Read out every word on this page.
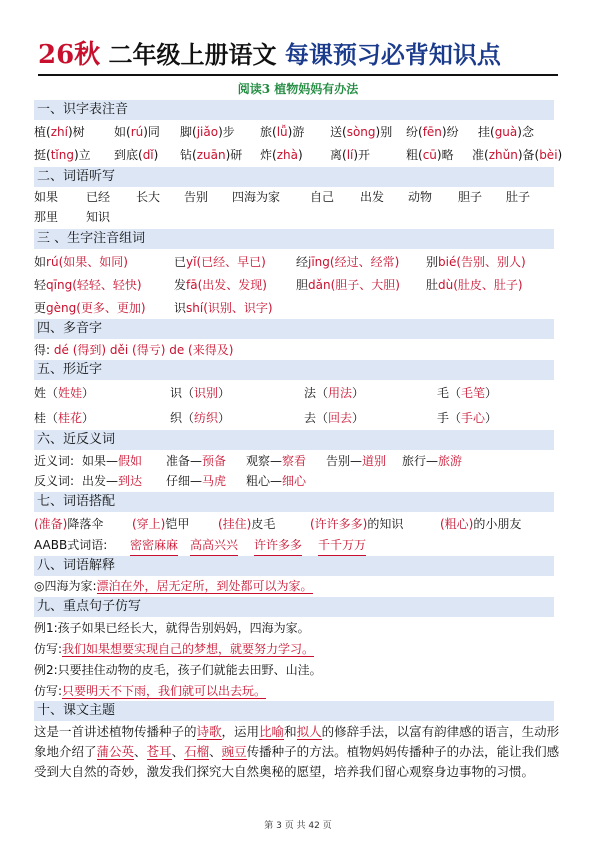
26秋 二年级上册语文 每课预习必背知识点
阅读3 植物妈妈有办法
一、识字表注音
植(zhí)树 如(rú)同 脚(jiǎo)步 旅(lǚ)游 送(sòng)别 纷(fēn)纷 挂(guà)念
挺(tǐng)立 到底(dǐ) 钻(zuān)研 炸(zhà) 离(lí)开	粗(cū)略 准(zhǔn)备(bèi)
二、词语听写
如果 已经 长大 告别 四海为家 自己 出发 动物 胆子 肚子
那里 知识
三 、生字注音组词
如rú(如果、如同)	已yǐ(已经、早已)	经jīng(经过、经常) 别bié(告别、别人)
轻qīng(轻轻、轻快)	发fā(出发、发现) 胆dǎn(胆子、大胆) 肚dù(肚皮、肚子)
更gèng(更多、更加) 识shí(识别、识字)
四、多音字
得: dé (得到) děi (得亏) de (来得及)
五、形近字
姓（姓娃）	识（识别）	法（用法）	毛（毛笔）
桂（桂花）	织（纺织）	去（回去）	手（手心）
六、近反义词
近义词: 如果—假如 准备—预备 观察—察看 告别—道别 旅行—旅游
反义词: 出发—到达 仔细—马虎 粗心—细心
七、词语搭配
(准备)降落伞 (穿上)铠甲 (挂住)皮毛	(许许多多)的知识	(粗心)的小朋友
AABB式词语: 密密麻麻 高高兴兴 许许多多 千千万万
八、词语解释
◎四海为家:漂泊在外，居无定所，到处都可以为家。
九、重点句子仿写
例1:孩子如果已经长大，就得告别妈妈，四海为家。
仿写:我们如果想要实现自己的梦想，就要努力学习。
例2:只要挂住动物的皮毛，孩子们就能去田野、山洼。
仿写:只要明天不下雨，我们就可以出去玩。
十、课文主题
这是一首讲述植物传播种子的诗歌，运用比喻和拟人的修辞手法，以富有韵律感的语言，生动形象地介绍了蒲公英、苍耳、石榴、豌豆传播种子的方法。植物妈妈传播种子的办法，能让我们感受到大自然的奇妙，激发我们探究大自然奥秘的愿望，培养我们留心观察身边事物的习惯。
第 3 页 共 42 页
